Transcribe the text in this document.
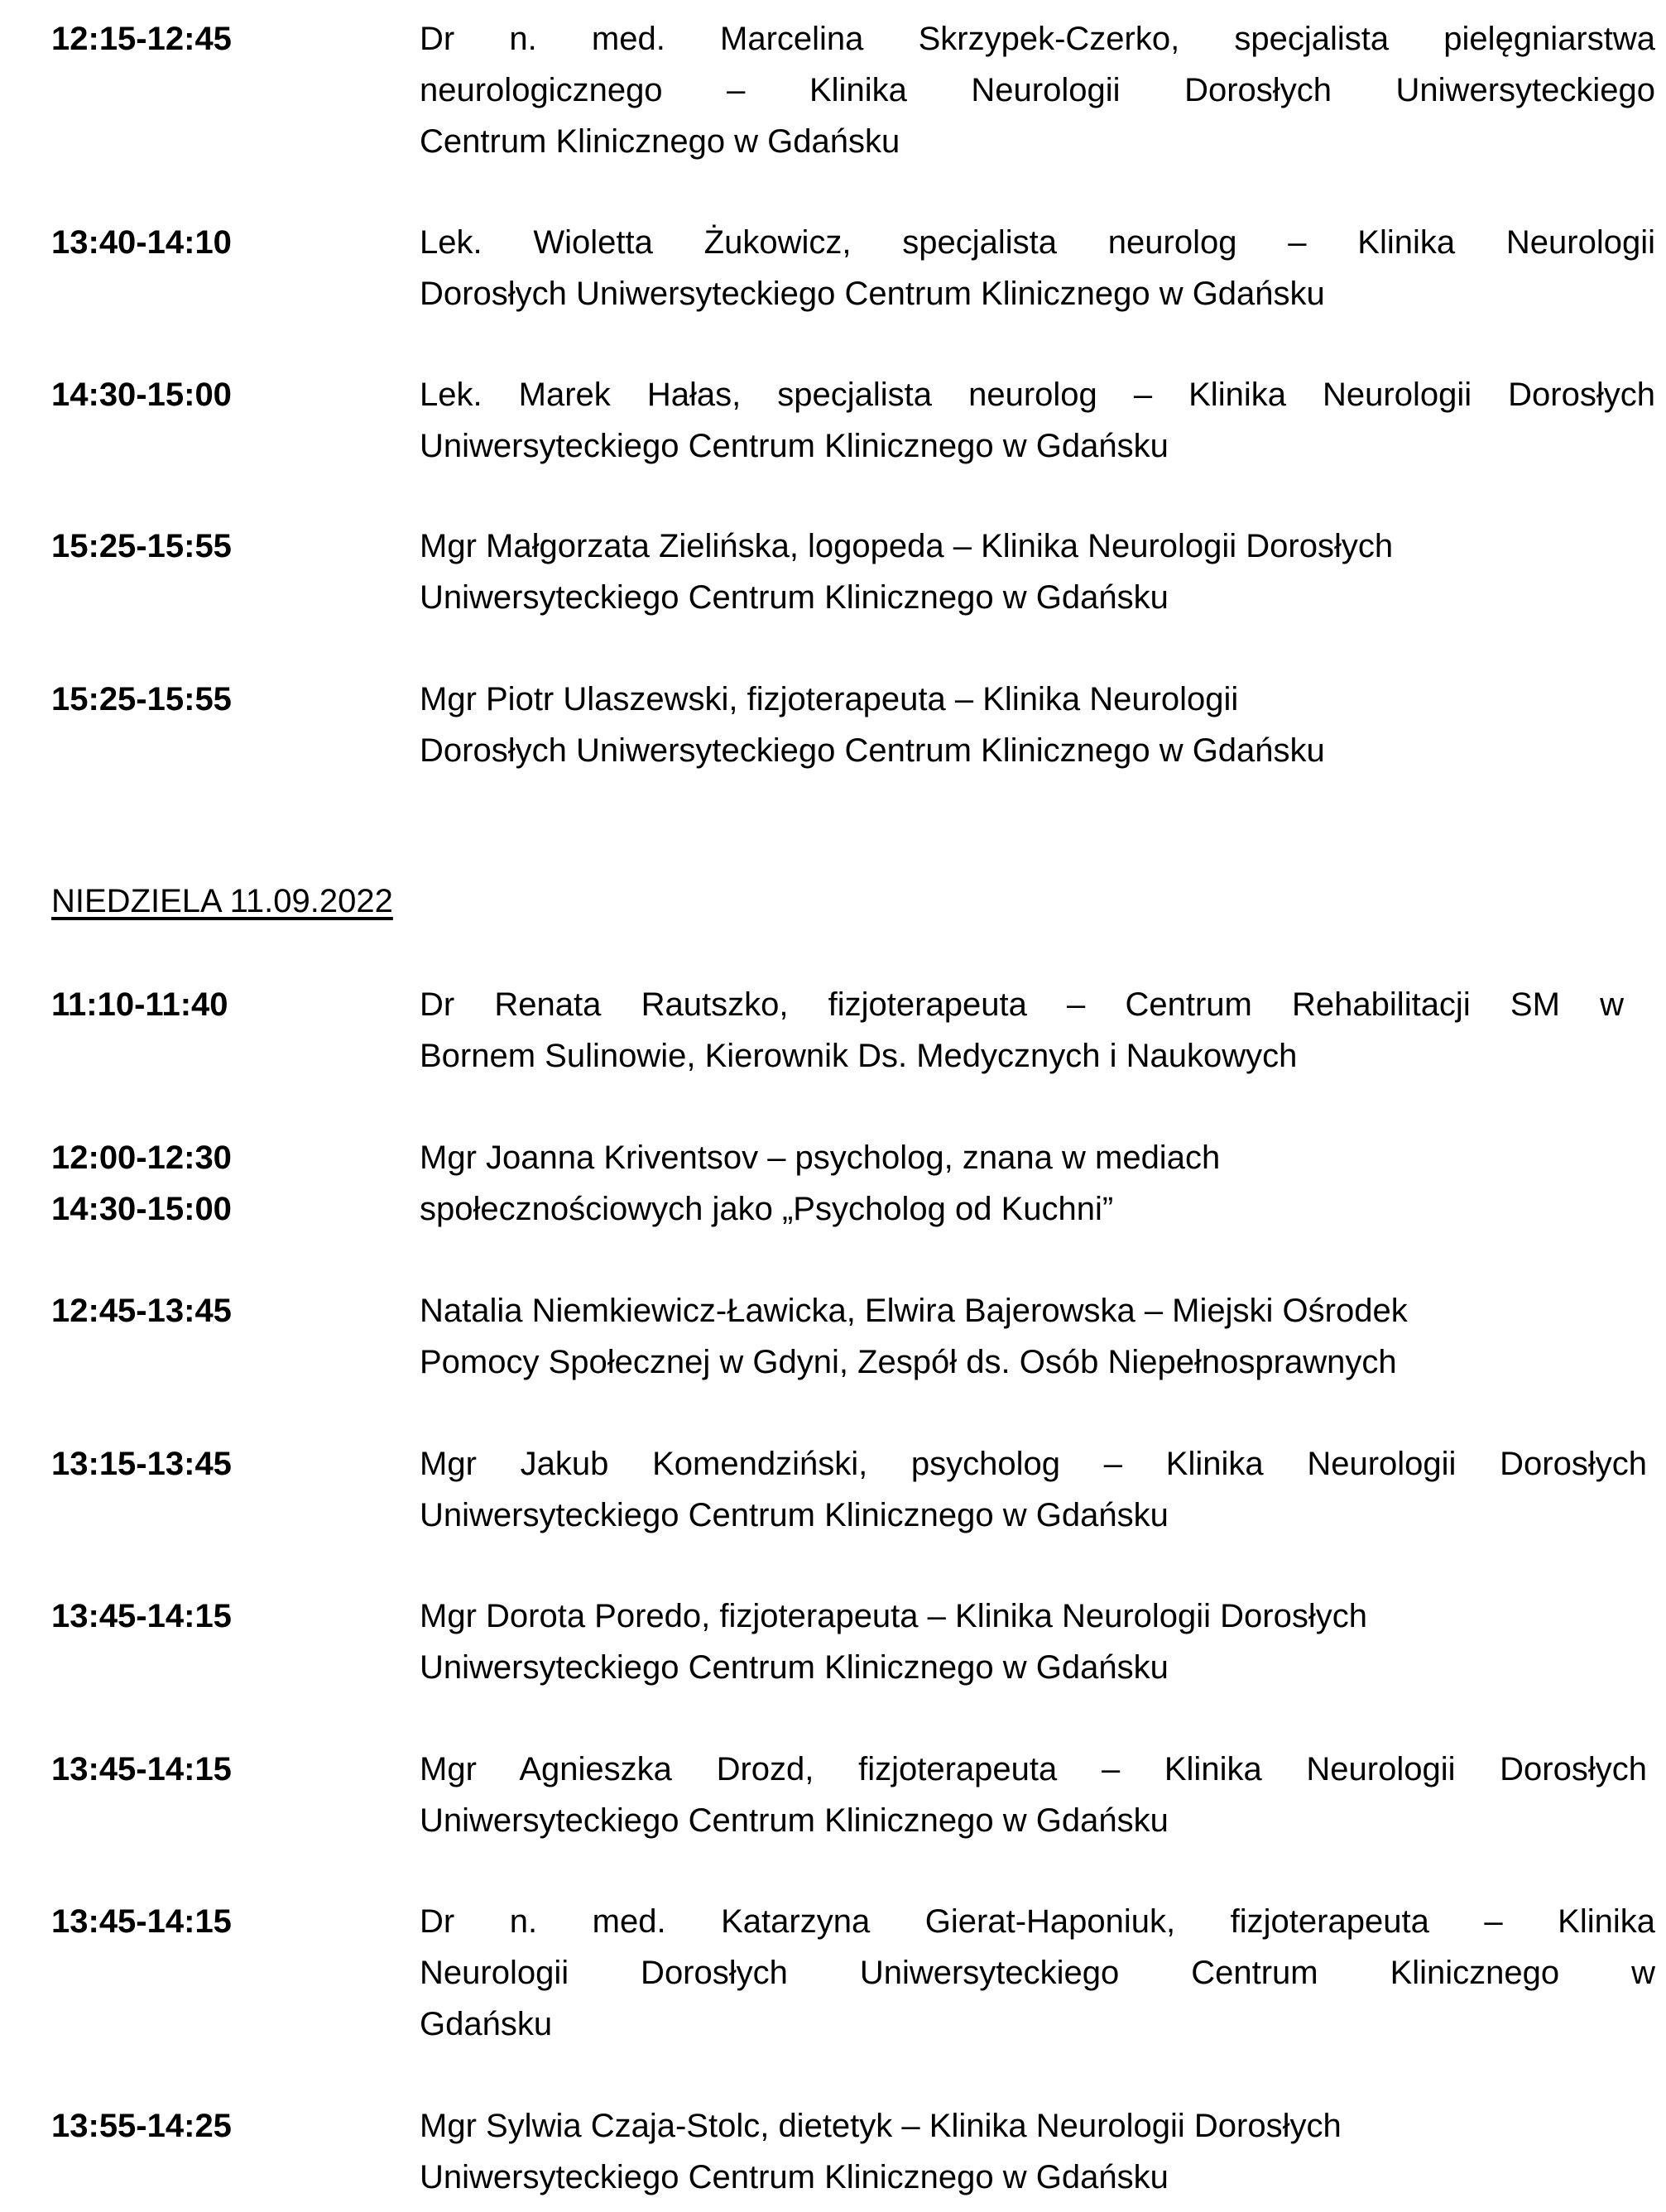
12:15-12:45	Dr n. med. Marcelina Skrzypek-Czerko, specjalista pielęgniarstwa
neurologicznego – Klinika Neurologii Dorosłych Uniwersyteckiego
Centrum Klinicznego w Gdańsku
13:40-14:10	Lek. Wioletta Żukowicz, specjalista neurolog – Klinika Neurologii
Dorosłych Uniwersyteckiego Centrum Klinicznego w Gdańsku
14:30-15:00	Lek. Marek Hałas, specjalista neurolog – Klinika Neurologii Dorosłych
Uniwersyteckiego Centrum Klinicznego w Gdańsku
15:25-15:55	Mgr Małgorzata Zielińska, logopeda – Klinika Neurologii Dorosłych
Uniwersyteckiego Centrum Klinicznego w Gdańsku
15:25-15:55	Mgr Piotr Ulaszewski, fizjoterapeuta – Klinika Neurologii
Dorosłych Uniwersyteckiego Centrum Klinicznego w Gdańsku
NIEDZIELA 11.09.2022
11:10-11:40	Dr Renata Rautszko, fizjoterapeuta – Centrum Rehabilitacji SM w
Bornem Sulinowie, Kierownik Ds. Medycznych i Naukowych
12:00-12:30
14:30-15:00
Mgr Joanna Kriventsov – psycholog, znana w mediach
społecznościowych jako „Psycholog od Kuchni”
12:45-13:45	Natalia Niemkiewicz-Ławicka, Elwira Bajerowska – Miejski Ośrodek
Pomocy Społecznej w Gdyni, Zespół ds. Osób Niepełnosprawnych
13:15-13:45	Mgr Jakub Komendziński, psycholog – Klinika Neurologii Dorosłych
Uniwersyteckiego Centrum Klinicznego w Gdańsku
13:45-14:15	Mgr Dorota Poredo, fizjoterapeuta – Klinika Neurologii Dorosłych
Uniwersyteckiego Centrum Klinicznego w Gdańsku
13:45-14:15	Mgr Agnieszka Drozd, fizjoterapeuta – Klinika Neurologii Dorosłych
Uniwersyteckiego Centrum Klinicznego w Gdańsku
13:45-14:15	Dr n. med. Katarzyna Gierat-Haponiuk, fizjoterapeuta – Klinika
Neurologii Dorosłych Uniwersyteckiego Centrum Klinicznego w
Gdańsku
13:55-14:25	Mgr Sylwia Czaja-Stolc, dietetyk – Klinika Neurologii Dorosłych
Uniwersyteckiego Centrum Klinicznego w Gdańsku
